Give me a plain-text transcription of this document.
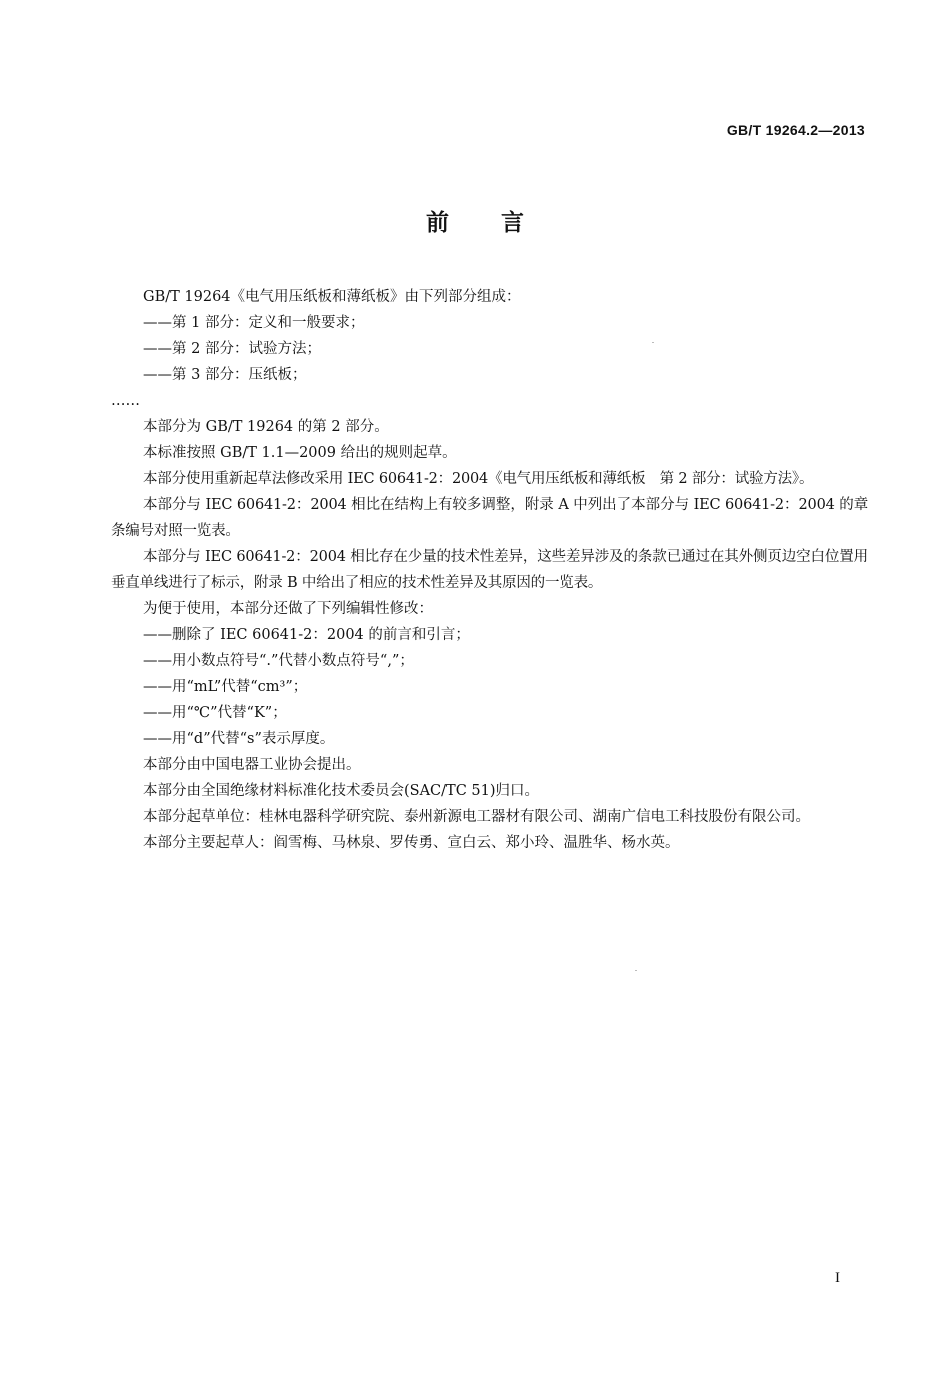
GB/T 19264.2—2013
前言

GB/T 19264《电气用压纸板和薄纸板》由下列部分组成：

——第 1 部分：定义和一般要求；

——第 2 部分：试验方法；

——第 3 部分：压纸板；

……

本部分为 GB/T 19264 的第 2 部分。

本标准按照 GB/T 1.1—2009 给出的规则起草。

本部分使用重新起草法修改采用 IEC 60641-2：2004《电气用压纸板和薄纸板　第 2 部分：试验方法》。

本部分与 IEC 60641-2：2004 相比在结构上有较多调整，附录 A 中列出了本部分与 IEC 60641-2：2004 的章条编号对照一览表。

本部分与 IEC 60641-2：2004 相比存在少量的技术性差异，这些差异涉及的条款已通过在其外侧页边空白位置用垂直单线进行了标示，附录 B 中给出了相应的技术性差异及其原因的一览表。

为便于使用，本部分还做了下列编辑性修改：

——删除了 IEC 60641-2：2004 的前言和引言；

——用小数点符号“.”代替小数点符号“,”；

——用“mL”代替“cm³”；

——用“℃”代替“K”；

——用“d”代替“s”表示厚度。

本部分由中国电器工业协会提出。

本部分由全国绝缘材料标准化技术委员会(SAC/TC 51)归口。

本部分起草单位：桂林电器科学研究院、泰州新源电工器材有限公司、湖南广信电工科技股份有限公司。

本部分主要起草人：阎雪梅、马林泉、罗传勇、宣白云、郑小玲、温胜华、杨水英。

I
